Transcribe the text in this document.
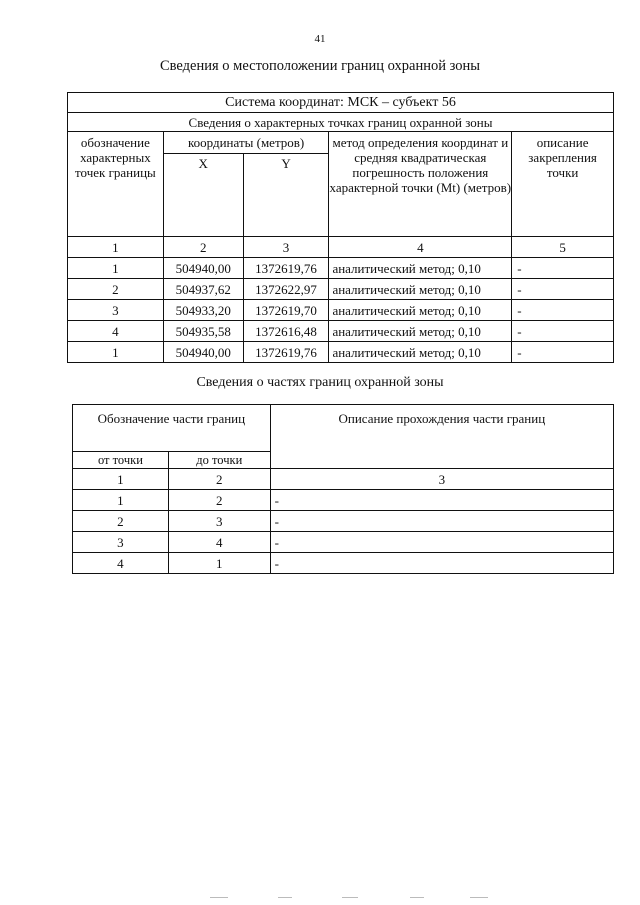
41
Сведения о местоположении границ охранной зоны
Система координат: МСК – субъект 56				
Сведения о характерных точках границ охранной зоны				
обозначение характерных точек границы	координаты (метров)		метод определения координат и средняя квадратическая погрешность положения характерной точки (Mt) (метров)	описание закрепления точки
	X	Y		
1	2	3	4	5
1	504940,00	1372619,76	аналитический метод; 0,10	-
2	504937,62	1372622,97	аналитический метод; 0,10	-
3	504933,20	1372619,70	аналитический метод; 0,10	-
4	504935,58	1372616,48	аналитический метод; 0,10	-
1	504940,00	1372619,76	аналитический метод; 0,10	-
Сведения о частях границ охранной зоны
Обозначение части границ		Описание прохождения части границ
от точки	до точки	
1	2	3
1	2	-
2	3	-
3	4	-
4	1	-
